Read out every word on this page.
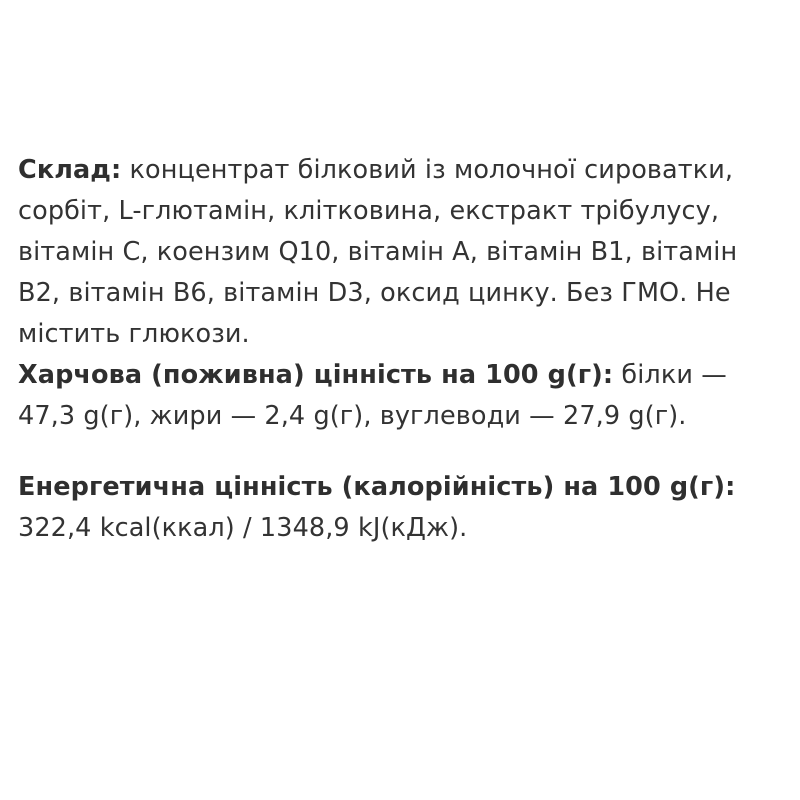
Склад: концентрат білковий із молочної сироватки, сорбіт, L-глютамін, клітковина, екстракт трібулусу, вітамін C, коензим Q10, вітамін A, вітамін B1, вітамін B2, вітамін B6, вітамін D3, оксид цинку. Без ГМО. Не містить глюкози.

Харчова (поживна) цінність на 100 g(г): білки — 47,3 g(г), жири — 2,4 g(г), вуглеводи — 27,9 g(г).

Енергетична цінність (калорійність) на 100 g(г): 322,4 kcal(ккал) / 1348,9 kJ(кДж).
